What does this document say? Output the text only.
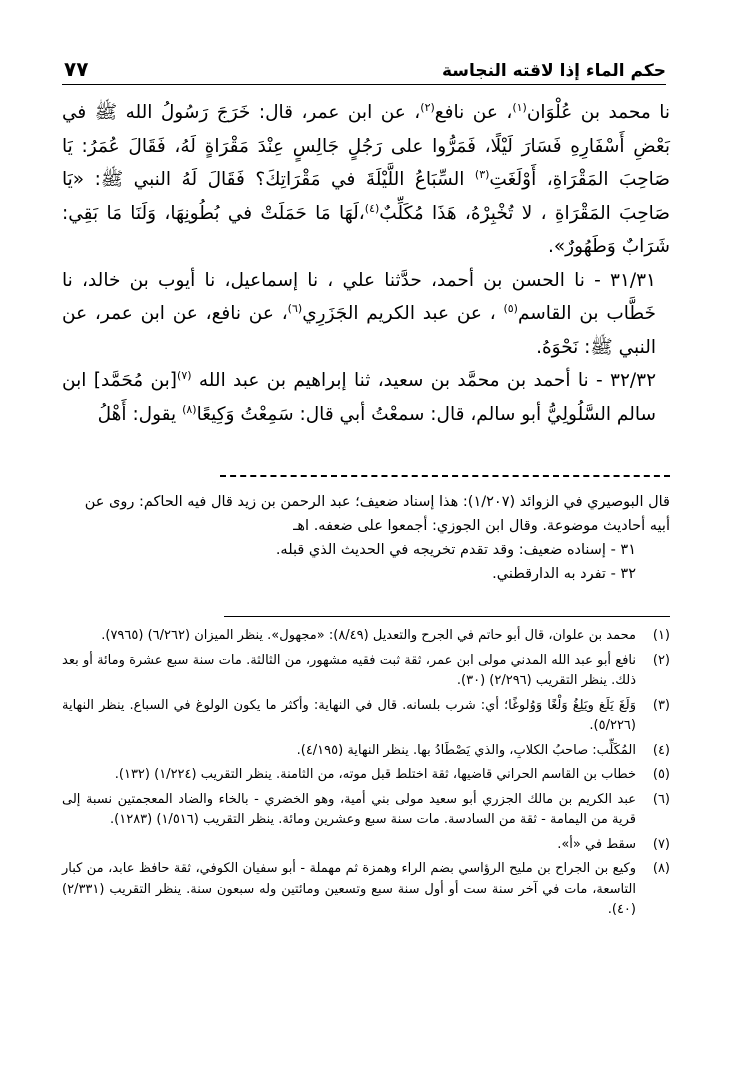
حكم الماء إذا لاقته النجاسة
٧٧

نا محمد بن عُلْوَان$^{(١)}$، عن نافع$^{(٢)}$، عن ابن عمر، قال: خَرَجَ رَسُولُ الله ﷺ في بَعْضِ أَسْفَارِهِ فَسَارَ لَيْلًا، فَمَرُّوا على رَجُلٍ جَالِسٍ عِنْدَ مَقْرَاةٍ لَهُ، فَقَالَ عُمَرُ: يَا صَاحِبَ المَقْرَاةِ، أَوْلَغَتِ$^{(٣)}$ السِّبَاعُ اللَّيْلَةَ في مَقْرَاتِكَ؟ فَقَالَ لَهُ النبي ﷺ: «يَا صَاحِبَ المَقْرَاةِ ، لا تُخْبِرْهُ، هَذَا مُكَلِّبٌ$^{(٤)}$،لَهَا مَا حَمَلَتْ في بُطُونِهَا، وَلَنَا مَا بَقِي: شَرَابٌ وَطَهُورٌ».

٣١/٣١ - نا الحسن بن أحمد، حدَّثنا علي ، نا إسماعيل، نا أيوب بن خالد، نا خَطَّاب بن القاسم$^{(٥)}$ ، عن عبد الكريم الجَزَرِي$^{(٦)}$، عن نافع، عن ابن عمر، عن النبي ﷺ: نَحْوَهُ.

٣٢/٣٢ - نا أحمد بن محمَّد بن سعيد، ثنا إبراهيم بن عبد الله $^{(٧)}$[بن مُحَمَّد] ابن سالم السَّلُولِيُّ أبو سالم، قال: سمعْتُ أبي قال: سَمِعْتُ وَكِيعًا$^{(٨)}$ يقول: أَهْلُ

قال البوصيري في الزوائد (١/٢٠٧): هذا إسناد ضعيف؛ عبد الرحمن بن زيد قال فيه الحاكم: روى عن أبيه أحاديث موضوعة. وقال ابن الجوزي: أجمعوا على ضعفه. اهـ

٣١ - إسناده ضعيف: وقد تقدم تخريجه في الحديث الذي قبله.

٣٢ - تفرد به الدارقطني.

(١)
محمد بن علوان، قال أبو حاتم في الجرح والتعديل (٨/٤٩): «مجهول». ينظر الميزان (٦/٢٦٢) (٧٩٦٥).
(٢)
نافع أبو عبد الله المدني مولى ابن عمر، ثقة ثبت فقيه مشهور، من الثالثة. مات سنة سبع عشرة ومائة أو بعد ذلك. ينظر التقريب (٢/٢٩٦) (٣٠).
(٣)
وَلَغَ يَلَغ ويَلِغُ وَلْغًا وَوُلوغًا؛ أي: شرب بلسانه. قال في النهاية: وأكثر ما يكون الولوغ في السباع. ينظر النهاية (٥/٢٢٦).
(٤)
المُكَلِّب: صاحبُ الكلابِ، والذي يَصْطَادُ بها. ينظر النهاية (٤/١٩٥).
(٥)
خطاب بن القاسم الحراني قاضيها، ثقة اختلط قبل موته، من الثامنة. ينظر التقريب (١/٢٢٤) (١٣٢).
(٦)
عبد الكريم بن مالك الجزري أبو سعيد مولى بني أمية، وهو الخضري - بالخاء والضاد المعجمتين نسبة إلى قرية من اليمامة - ثقة من السادسة. مات سنة سبع وعشرين ومائة. ينظر التقريب (١/٥١٦) (١٢٨٣).
(٧)
سقط في «أ».
(٨)
وكيع بن الجراح بن مليح الرؤاسي بضم الراء وهمزة ثم مهملة - أبو سفيان الكوفي، ثقة حافظ عابد، من كبار التاسعة، مات في آخر سنة ست أو أول سنة سبع وتسعين ومائتين وله سبعون سنة. ينظر التقريب (٢/٣٣١) (٤٠).
